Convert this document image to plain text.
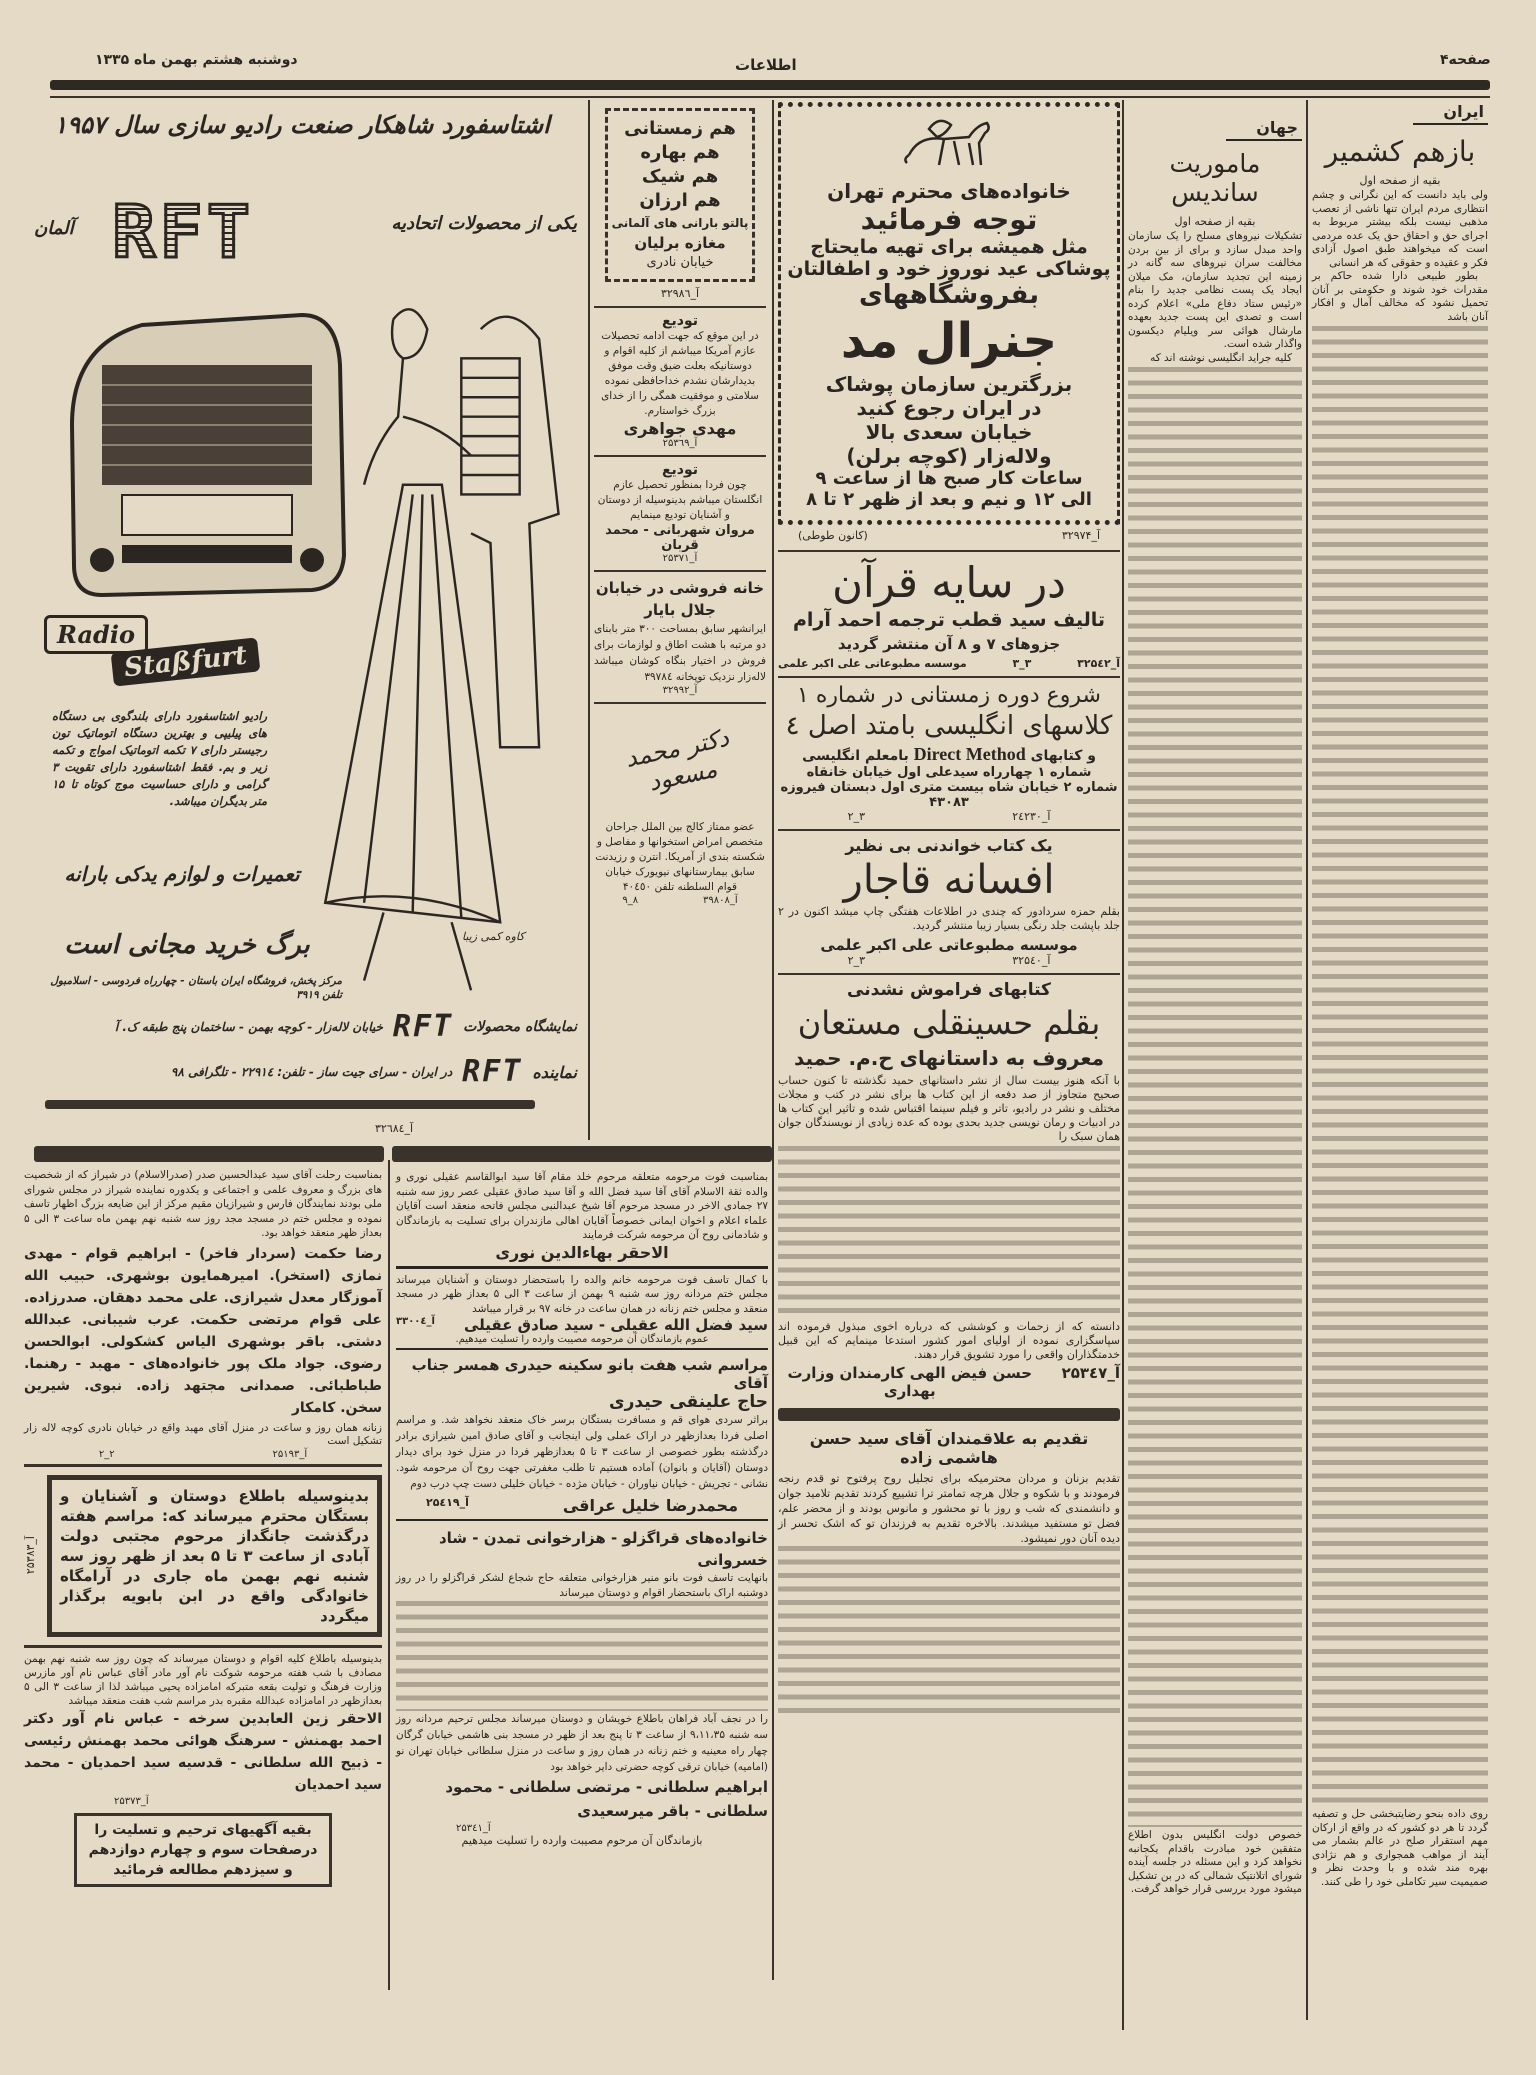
دوشنبه هشتم بهمن ماه ۱۳۳۵	اطلاعات	صفحه۴
ایران
بازهم کشمیر
بقیه از صفحه اول

ولی باید دانست که این نگرانی و چشم انتظاری مردم ایران تنها ناشی از تعصب مذهبی نیست بلکه بیشتر مربوط به اجرای حق و احقاق حق یک عده مردمی است که میخواهند طبق اصول آزادی فکر و عقیده و حقوقی که هر انسانی

بطور طبیعی دارا شده حاکم بر مقدرات خود شوند و حکومتی بر آنان تحمیل نشود که مخالف آمال و افکار آنان باشد

روی داده بنحو رضایتبخشی حل و تصفیه گردد تا هر دو کشور که در واقع از ارکان مهم استقرار صلح در عالم بشمار می آیند از مواهب همجواری و هم نژادی بهره مند شده و با وحدت نظر و صمیمیت سیر تکاملی خود را طی کنند.

جهان
ماموریت ساندیس
بقیه از صفحه اول

تشکیلات نیروهای مسلح را یک سازمان واحد مبدل سازد و برای از بین بردن مخالفت سران نیروهای سه گانه در زمینه این تجدید سازمان، مک میلان ایجاد یک پست نظامی جدید را بنام «رئیس ستاد دفاع ملی» اعلام کرده است و تصدی این پست جدید بعهده مارشال هوائی سر ویلیام دیکسون واگذار شده است.

کلیه جراید انگلیسی نوشته اند که

خصوص دولت انگلیس بدون اطلاع متفقین خود مبادرت باقدام یکجانبه نخواهد کرد و این مسئله در جلسه آینده شورای اتلانتیک شمالی که در بن تشکیل میشود مورد بررسی قرار خواهد گرفت.

خانواده‌های محترم تهران
توجه فرمائید
مثل همیشه برای تهیه مایحتاج
پوشاکی عید نوروز خود و اطفالتان
بفروشگاههای
جنرال مد
بزرگترین سازمان پوشاک
در ایران رجوع کنید
خیابان سعدی بالا
ولاله‌زار (کوچه برلن)
ساعات کار صبح ها از ساعت ۹
الی ۱۲ و نیم و بعد از ظهر ۲ تا ۸
آ_۳۲۹۷۴
(کانون طوطی)
در سایه قرآن
تالیف سید قطب ترجمه احمد آرام
جزوهای ۷ و ۸ آن منتشر گردید
آ_۳۲۵٤۲
۳_۳
موسسه مطبوعاتی علی اکبر علمی
شروع دوره زمستانی در شماره ۱
کلاسهای انگلیسی بامتد اصل ٤
و کتابهای Direct Method بامعلم انگلیسی
شماره ۱ چهارراه سیدعلی اول خیابان خانقاه
شماره ۲ خیابان شاه بیست متری اول دبستان فیروزه ۴۳۰۸۳
آ_۲٤۲۳۰
۳_۲
یک کتاب خواندنی بی نظیر
افسانه قاجار
بقلم حمزه سردادور که چندی در اطلاعات هفتگی چاپ میشد اکنون در ۲ جلد باپشت جلد رنگی بسیار زیبا منتشر گردید.
موسسه مطبوعاتی علی اکبر علمی
آ_۳۲۵٤۰
۳_۲
کتابهای فراموش نشدنی
بقلم حسینقلی مستعان
معروف به داستانهای ح.م. حمید
با آنکه هنوز بیست سال از نشر داستانهای حمید نگذشته تا کنون حساب صحیح متجاوز از صد دفعه از این کتاب ها برای نشر در کتب و مجلات مختلف و نشر در رادیو، تاتر و فیلم سینما اقتباس شده و تاثیر این کتاب ها در ادبیات و رمان نویسی جدید بحدی بوده که عده زیادی از نویسندگان جوان همان سبک را
دانسته که از زحمات و کوششی که درباره اخوی مبذول فرموده اند سپاسگزاری نموده از اولیای امور کشور استدعا مینمایم که این قبیل خدمتگذاران واقعی را مورد تشویق قرار دهند.
آ_۲۵۳٤۷
حسن فیض الهی کارمندان وزارت بهداری
تقدیم به علاقمندان آقای سید حسن هاشمی زاده
تقدیم بزنان و مردان محترمیکه برای تجلیل روح پرفتوح تو قدم رنجه فرمودند و با شکوه و جلال هرچه تمامتر ترا تشییع کردند تقدیم تلامید جوان و دانشمندی که شب و روز با تو محشور و مانوس بودند و از محضر علم، فضل تو مستفید میشدند. بالاخره تقدیم به فرزندان تو که اشک تحسر از دیده آنان دور نمیشود.
هم زمستانی
هم بهاره
هم شیک
هم ارزان
پالتو بارانی های آلمانی
مغازه برلیان
خیابان نادری
آ_۳۲۹۸٦
تودیع
در این موقع که جهت ادامه تحصیلات عازم آمریکا میباشم از کلیه اقوام و دوستانیکه بعلت ضیق وقت موفق بدیدارشان نشدم خداحافظی نموده سلامتی و موفقیت همگی را از خدای بزرگ خواستارم.
مهدی جواهری
آ_۲۵۳٦۹
تودیع
چون فردا بمنظور تحصیل عازم انگلستان میباشم بدینوسیله از دوستان و آشنایان تودیع مینمایم
مروان شهربانی - محمد قربان
آ_۲۵۳۷۱
خانه فروشی در خیابان جلال بایار
ایرانشهر سابق بمساحت ۳۰۰ متر بابنای دو مرتبه با هشت اطاق و لوازمات برای فروش در اختیار بنگاه کوشان میباشد لاله‌زار نزدیک توپخانه ۳۹۷۸٤
آ_۳۲۹۹۲
دکتر محمد مسعود
عضو ممتاز کالج بین الملل جراحان متخصص امراض استخوانها و مفاصل و شکسته بندی از آمریکا. انترن و رزیدنت سابق بیمارستانهای نیویورک خیابان قوام السلطنه تلفن ۴۰٤٥۰
آ_۳۹۸۰۸
۸_۹
اشتاسفورد شاهکار صنعت رادیو سازی سال ۱۹۵۷
آلمان RFT	یکی از محصولات اتحادیه
کاوه کمی زیبا
Radio
Staßfurt
رادیو اشتاسفورد دارای بلندگوی بی دستگاه های پیلیپی و بهترین دستگاه اتوماتیک تون رجیستر دارای ۷ تکمه اتوماتیک امواج و تکمه زیر و بم. فقط اشتاسفورد دارای تقویت ۳ گرامی و دارای حساسیت موج کوتاه تا ۱۵ متر بدیگران میباشد.
تعمیرات و لوازم یدکی بارانه
برگ خرید مجانی است
مرکز پخش، فروشگاه ایران باستان - چهارراه فردوسی - اسلامبول تلفن ۳۹۱۹
نمایشگاه محصولات
RFT
خیابان لاله‌زار - کوچه بهمن - ساختمان پنج طبقه ک. آ
نماینده
RFT
در ایران - سرای جیت ساز - تلفن: ۲۲۹۱٤ - تلگرافی ۹۸
آ_۳۲٦۸٤
بمناسبت رحلت آقای سید عبدالحسین صدر (صدرالاسلام) در شیراز که از شخصیت های بزرگ و معروف علمی و اجتماعی و یکدوره نماینده شیراز در مجلس شورای ملی بودند نمایندگان فارس و شیرازیان مقیم مرکز از این ضایعه بزرگ اظهار تاسف نموده و مجلس ختم در مسجد مجد روز سه شنبه نهم بهمن ماه ساعت ۳ الی ۵ بعداز ظهر منعقد خواهد بود.
رضا حکمت (سردار فاخر) - ابراهیم قوام - مهدی نمازی (استخر). امیرهمایون بوشهری. حبیب الله آموزگار معدل شیرازی. علی محمد دهقان. صدرزاده. علی قوام مرتضی حکمت. عرب شیبانی. عبدالله دشتی. باقر بوشهری الیاس کشکولی. ابوالحسن رضوی. جواد ملک پور خانواده‌های - مهبد - رهنما. طباطبائی. صمدانی مجتهد زاده. نبوی. شیرین سخن. کامکار
زنانه همان روز و ساعت در منزل آقای مهبد واقع در خیابان نادری کوچه لاله زار تشکیل است
آ_۲۵۱۹۳
۲_۲
بدینوسیله باطلاع دوستان و آشنایان و بستگان محترم میرساند که: مراسم هفته درگذشت جانگداز مرحوم مجتبی دولت آبادی از ساعت ۳ تا ۵ بعد از ظهر روز سه شنبه نهم بهمن ماه جاری در آرامگاه خانوادگی واقع در ابن بابویه برگذار میگردد
آ_۲۵۳۸۳
بدینوسیله باطلاع کلیه اقوام و دوستان میرساند که چون روز سه شنبه نهم بهمن مصادف با شب هفته مرحومه شوکت نام آور مادر آقای عباس نام آور مازرس وزارت فرهنگ و تولیت بقعه متبرکه امامزاده یحیی میباشد لذا از ساعت ۳ الی ۵ بعدازظهر در امامزاده عبدالله مقبره بدر مراسم شب هفت منعقد میباشد
الاحقر زین العابدین سرخه - عباس نام آور دکتر احمد بهمنش - سرهنگ هوائی محمد بهمنش رئیسی - ذبیح الله سلطانی - قدسیه سید احمدیان - محمد سید احمدیان
آ_۲۵۳۷۳
بقیه آگهیهای ترحیم و تسلیت را درصفحات سوم و چهارم دوازدهم و سیزدهم مطالعه فرمائید
بمناسبت فوت مرحومه متعلقه مرحوم خلد مقام آقا سید ابوالقاسم عقیلی نوری و والده ثقة الاسلام آقای آقا سید فضل الله و آقا سید صادق عقیلی عصر روز سه شنبه ۲۷ جمادی الاخر در مسجد مرحوم آقا شیخ عبدالنبی مجلس فاتحه منعقد است آقایان علماء اعلام و اخوان ایمانی خصوصاً آقایان اهالی مازندران برای تسلیت به بازماندگان و شادمانی روح آن مرحومه شرکت فرمایند
الاحقر بهاءالدین نوری
با کمال تاسف فوت مرحومه خانم والده را باستحضار دوستان و آشنایان میرساند مجلس ختم مردانه روز سه شنبه ۹ بهمن از ساعت ۳ الی ۵ بعداز ظهر در مسجد منعقد و مجلس ختم زنانه در همان ساعت در خانه ۹۷ بر قرار میباشد
سید فضل الله عقیلی - سید صادق عقیلی
آ_۳۳۰۰٤
عموم بازماندگان آن مرحومه مصیبت وارده را تسلیت میدهیم.
مراسم شب هفت بانو سکینه حیدری همسر جناب آقای
حاج علینقی حیدری
براثر سردی هوای قم و مسافرت بستگان برسر خاک منعقد نخواهد شد. و مراسم اصلی فردا بعدازظهر در اراک عملی ولی اینجانب و آقای صادق امین شیرازی برادر درگذشته بطور خصوصی از ساعت ۳ تا ۵ بعدازظهر فردا در منزل خود برای دیدار دوستان (آقایان و بانوان) آماده هستیم تا طلب مغفرتی جهت روح آن مرحومه شود. نشانی - تجریش - خیابان نیاوران - خیابان مژده - خیابان خلیلی دست چپ درب دوم
محمدرضا خلیل عراقی
آ_۲۵٤۱۹
خانواده‌های قراگزلو - هزارخوانی تمدن - شاد خسروانی
بانهایت تاسف فوت بانو منیر هزارخوانی متعلقه حاج شجاع لشکر قراگزلو را در روز دوشنبه اراک باستحضار اقوام و دوستان میرساند
را در نجف آباد فراهان باطلاع خویشان و دوستان میرساند مجلس ترحیم مردانه روز سه شنبه ۹،۱۱،۳۵ از ساعت ۳ تا پنج بعد از ظهر در مسجد بنی هاشمی خیابان گرگان چهار راه معینیه و ختم زنانه در همان روز و ساعت در منزل سلطانی خیابان تهران نو (امامیه) خیابان ترقی کوچه حضرتی دایر خواهد بود
ابراهیم سلطانی - مرتضی سلطانی - محمود سلطانی - باقر میرسعیدی
آ_۲۵۳٤۱
بازماندگان آن مرحوم مصیبت وارده را تسلیت میدهیم
